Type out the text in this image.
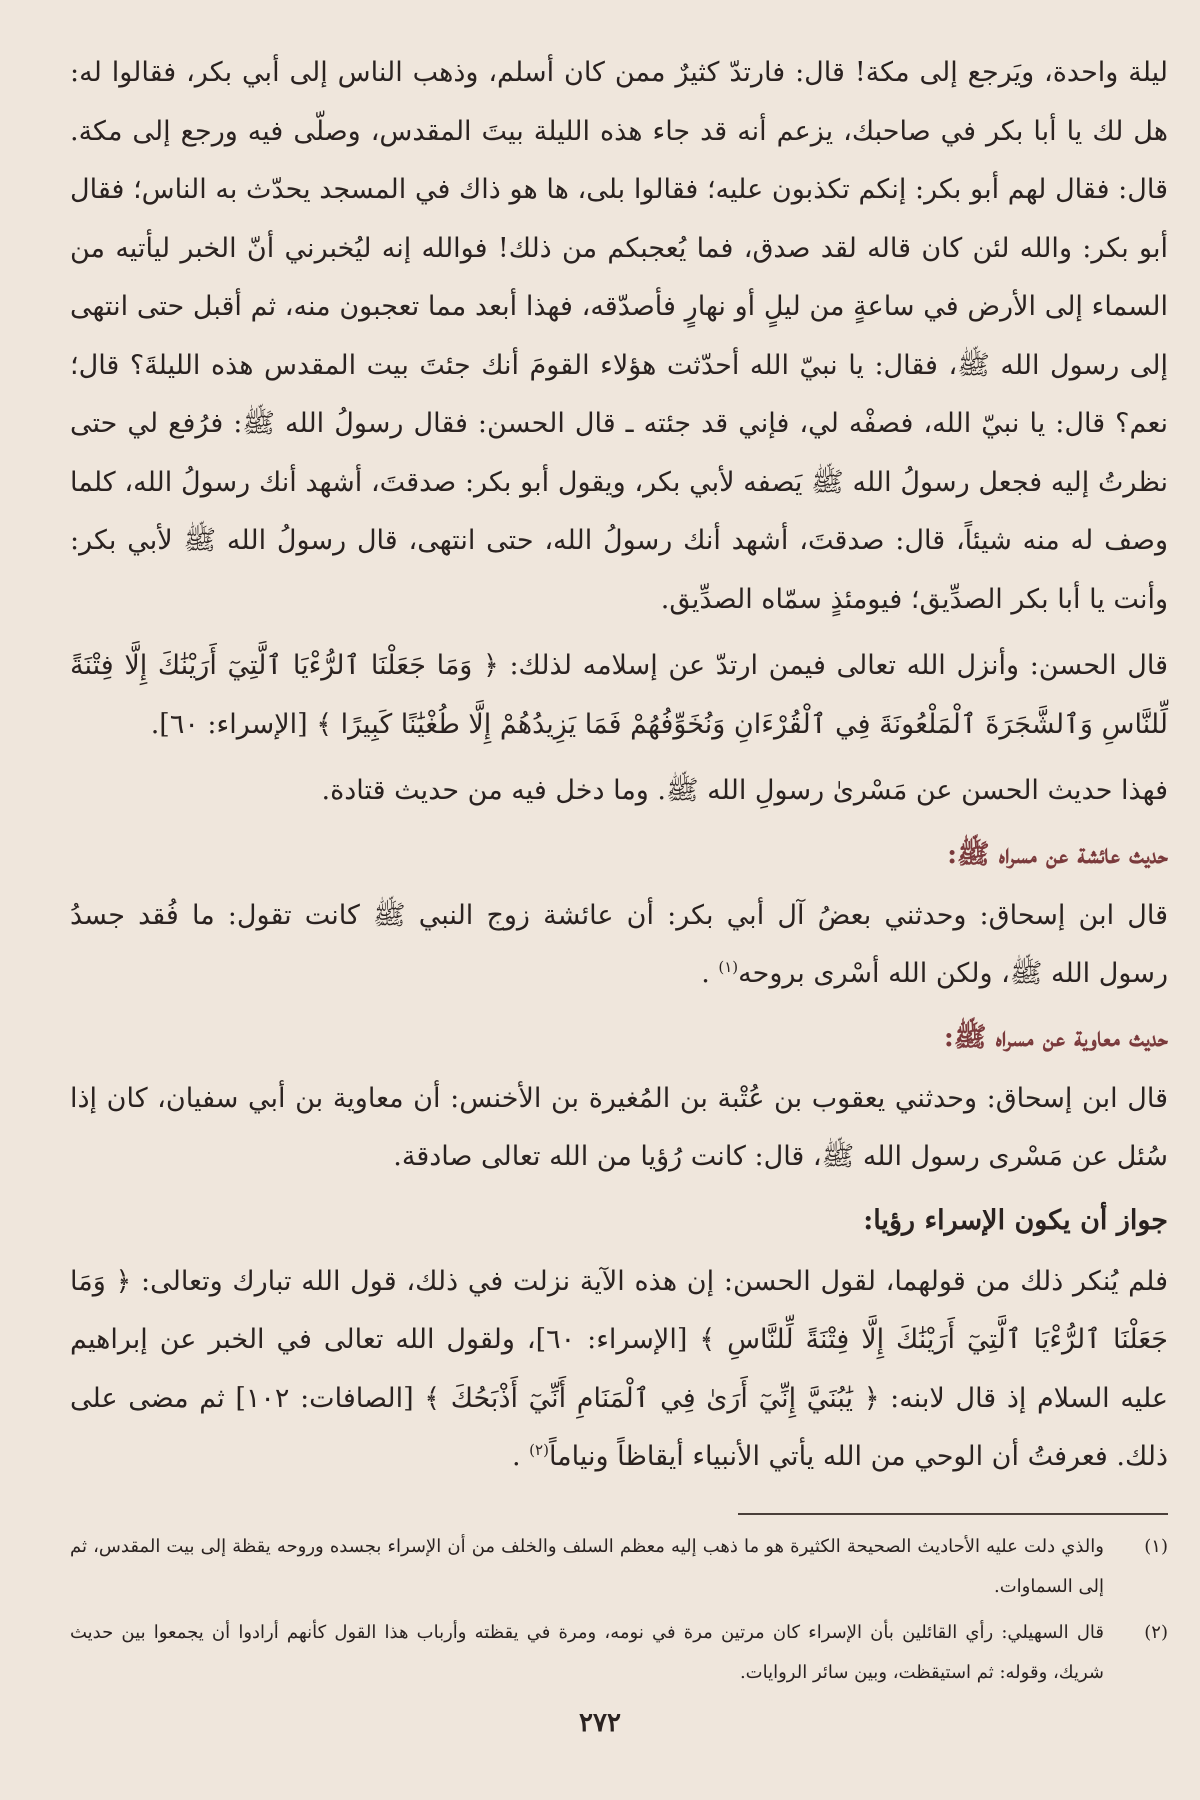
ليلة واحدة، ويَرجع إلى مكة! قال: فارتدّ كثيرٌ ممن كان أسلم، وذهب الناس إلى أبي بكر، فقالوا له: هل لك يا أبا بكر في صاحبك، يزعم أنه قد جاء هذه الليلة بيتَ المقدس، وصلّى فيه ورجع إلى مكة. قال: فقال لهم أبو بكر: إنكم تكذبون عليه؛ فقالوا بلى، ها هو ذاك في المسجد يحدّث به الناس؛ فقال أبو بكر: والله لئن كان قاله لقد صدق، فما يُعجبكم من ذلك! فوالله إنه ليُخبرني أنّ الخبر ليأتيه من السماء إلى الأرض في ساعةٍ من ليلٍ أو نهارٍ فأصدّقه، فهذا أبعد مما تعجبون منه، ثم أقبل حتى انتهى إلى رسول الله ﷺ، فقال: يا نبيّ الله أحدّثت هؤلاء القومَ أنك جئتَ بيت المقدس هذه الليلةَ؟ قال؛ نعم؟ قال: يا نبيّ الله، فصفْه لي، فإني قد جئته ـ قال الحسن: فقال رسولُ الله ﷺ: فرُفع لي حتى نظرتُ إليه فجعل رسولُ الله ﷺ يَصفه لأبي بكر، ويقول أبو بكر: صدقتَ، أشهد أنك رسولُ الله، كلما وصف له منه شيئاً، قال: صدقتَ، أشهد أنك رسولُ الله، حتى انتهى، قال رسولُ الله ﷺ لأبي بكر: وأنت يا أبا بكر الصدِّيق؛ فيومئذٍ سمّاه الصدِّيق.

قال الحسن: وأنزل الله تعالى فيمن ارتدّ عن إسلامه لذلك: ﴿ وَمَا جَعَلْنَا ٱلرُّءْيَا ٱلَّتِيٓ أَرَيْنَٰكَ إِلَّا فِتْنَةً لِّلنَّاسِ وَٱلشَّجَرَةَ ٱلْمَلْعُونَةَ فِي ٱلْقُرْءَانِ وَنُخَوِّفُهُمْ فَمَا يَزِيدُهُمْ إِلَّا طُغْيَٰنًا كَبِيرًا ﴾ [الإسراء: ٦٠].

فهذا حديث الحسن عن مَسْرىٰ رسولِ الله ﷺ. وما دخل فيه من حديث قتادة.

حديث عائشة عن مسراه ﷺ:

قال ابن إسحاق: وحدثني بعضُ آل أبي بكر: أن عائشة زوج النبي ﷺ كانت تقول: ما فُقد جسدُ رسول الله ﷺ، ولكن الله أسْرى بروحه$^{(١)}$ .

حديث معاوية عن مسراه ﷺ:

قال ابن إسحاق: وحدثني يعقوب بن عُتْبة بن المُغيرة بن الأخنس: أن معاوية بن أبي سفيان، كان إذا سُئل عن مَسْرى رسول الله ﷺ، قال: كانت رُؤيا من الله تعالى صادقة.

جواز أن يكون الإسراء رؤيا:

فلم يُنكر ذلك من قولهما، لقول الحسن: إن هذه الآية نزلت في ذلك، قول الله تبارك وتعالى: ﴿ وَمَا جَعَلْنَا ٱلرُّءْيَا ٱلَّتِيٓ أَرَيْنَٰكَ إِلَّا فِتْنَةً لِّلنَّاسِ ﴾ [الإسراء: ٦٠]، ولقول الله تعالى في الخبر عن إبراهيم عليه السلام إذ قال لابنه: ﴿ يَٰبُنَيَّ إِنِّيٓ أَرَىٰ فِي ٱلْمَنَامِ أَنِّيٓ أَذْبَحُكَ ﴾ [الصافات: ١٠٢] ثم مضى على ذلك. فعرفتُ أن الوحي من الله يأتي الأنبياء أيقاظاً ونياماً$^{(٢)}$ .

(١)
والذي دلت عليه الأحاديث الصحيحة الكثيرة هو ما ذهب إليه معظم السلف والخلف من أن الإسراء بجسده وروحه يقظة إلى بيت المقدس، ثم إلى السماوات.
(٢)
قال السهيلي: رأي القائلين بأن الإسراء كان مرتين مرة في نومه، ومرة في يقظته وأرباب هذا القول كأنهم أرادوا أن يجمعوا بين حديث شريك، وقوله: ثم استيقظت، وبين سائر الروايات.
٢٧٢
